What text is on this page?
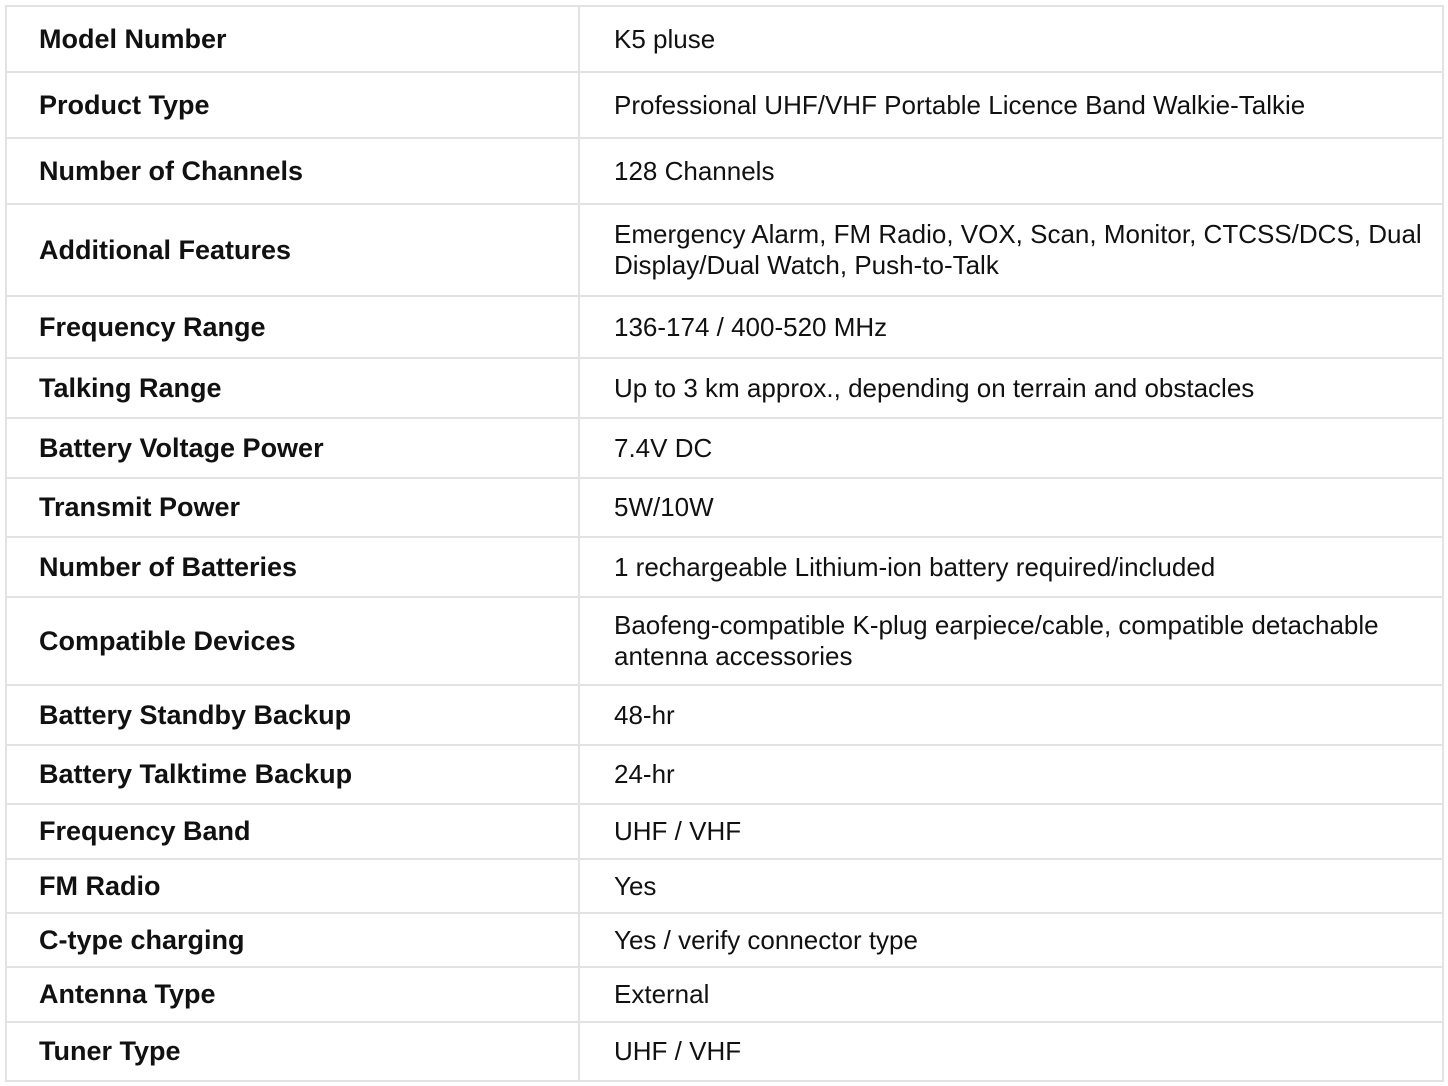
Model Number	K5 pluse
Product Type	Professional UHF/VHF Portable Licence Band Walkie-Talkie
Number of Channels	128 Channels
Additional Features	Emergency Alarm, FM Radio, VOX, Scan, Monitor, CTCSS/DCS, Dual Display/Dual Watch, Push-to-Talk
Frequency Range	136-174 / 400-520 MHz
Talking Range	Up to 3 km approx., depending on terrain and obstacles
Battery Voltage Power	7.4V DC
Transmit Power	5W/10W
Number of Batteries	1 rechargeable Lithium-ion battery required/included
Compatible Devices	Baofeng-compatible K-plug earpiece/cable, compatible detachable antenna accessories
Battery Standby Backup	48-hr
Battery Talktime Backup	24-hr
Frequency Band	UHF / VHF
FM Radio	Yes
C-type charging	Yes / verify connector type
Antenna Type	External
Tuner Type	UHF / VHF
